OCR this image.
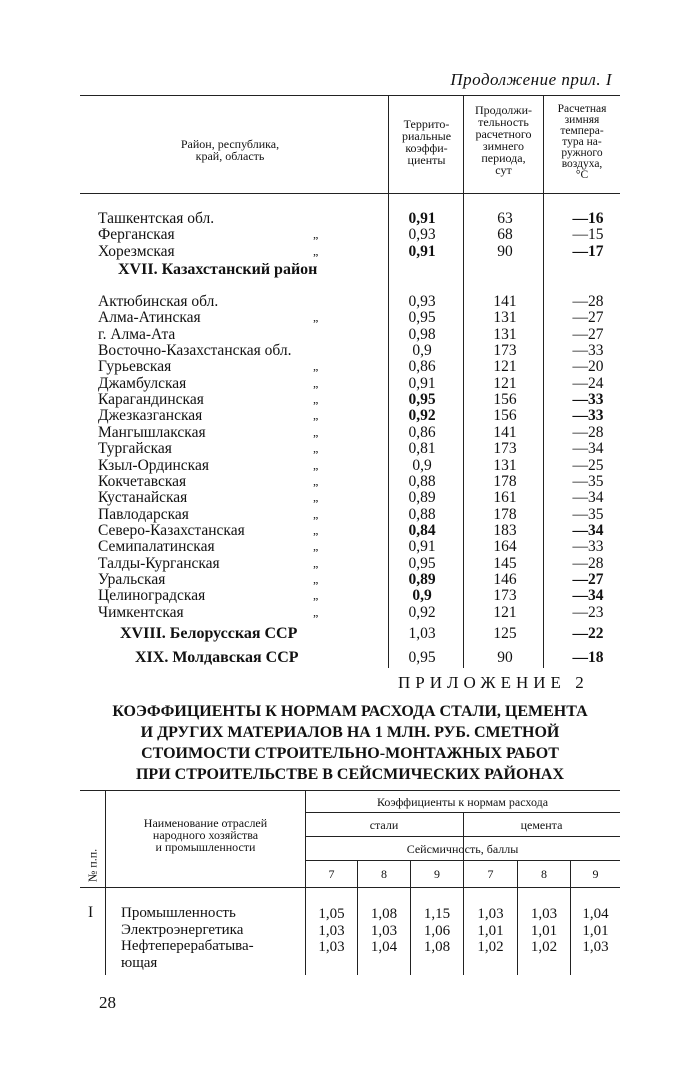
Продолжение прил. I
Район, республика,
край, область
Террито-
риальные
коэффи-
циенты
Продолжи-
тельность
расчетного
зимнего
периода,
сут
Расчетная
зимняя
темпера-
тура на-
ружного
воздуха,
°C
Ташкентская обл.	0,91	63	—16
Ферганская	„	0,93	68	—15
Хорезмская	„	0,91	90	—17
XVII. Казахстанский район
Актюбинская обл.	0,93	141	—28
Алма-Атинская	„	0,95	131	—27
г. Алма-Ата	0,98	131	—27
Восточно-Казахстанская обл.	0,9	173	—33
Гурьевская	„	0,86	121	—20
Джамбулская	„	0,91	121	—24
Карагандинская	„	0,95	156	—33
Джезказганская	„	0,92	156	—33
Мангышлакская	„	0,86	141	—28
Тургайская	„	0,81	173	—34
Кзыл-Ординская	„	0,9	131	—25
Кокчетавская	„	0,88	178	—35
Кустанайская	„	0,89	161	—34
Павлодарская	„	0,88	178	—35
Северо-Казахстанская	„	0,84	183	—34
Семипалатинская	„	0,91	164	—33
Талды-Курганская	„	0,95	145	—28
Уральская	„	0,89	146	—27
Целиноградская	„	0,9	173	—34
Чимкентская	„	0,92	121	—23
XVIII. Белорусская ССР	1,03	125	—22
XIX. Молдавская ССР	0,95	90	—18
ПРИЛОЖЕНИЕ 2
КОЭФФИЦИЕНТЫ К НОРМАМ РАСХОДА СТАЛИ, ЦЕМЕНТА
И ДРУГИХ МАТЕРИАЛОВ НА 1 МЛН. РУБ. СМЕТНОЙ
СТОИМОСТИ СТРОИТЕЛЬНО-МОНТАЖНЫХ РАБОТ
ПРИ СТРОИТЕЛЬСТВЕ В СЕЙСМИЧЕСКИХ РАЙОНАХ
№ п.п.
Наименование отраслей
народного хозяйства
и промышленности
Коэффициенты к нормам расхода
стали	цемента
Сейсмичность, баллы
7	8	9	7	8	9
I Промышленность	1,05	1,08	1,15	1,03	1,03	1,04
Электроэнергетика	1,03	1,03	1,06	1,01	1,01	1,01
Нефтеперерабатыва-	1,03	1,04	1,08	1,02	1,02	1,03
ющая
28
